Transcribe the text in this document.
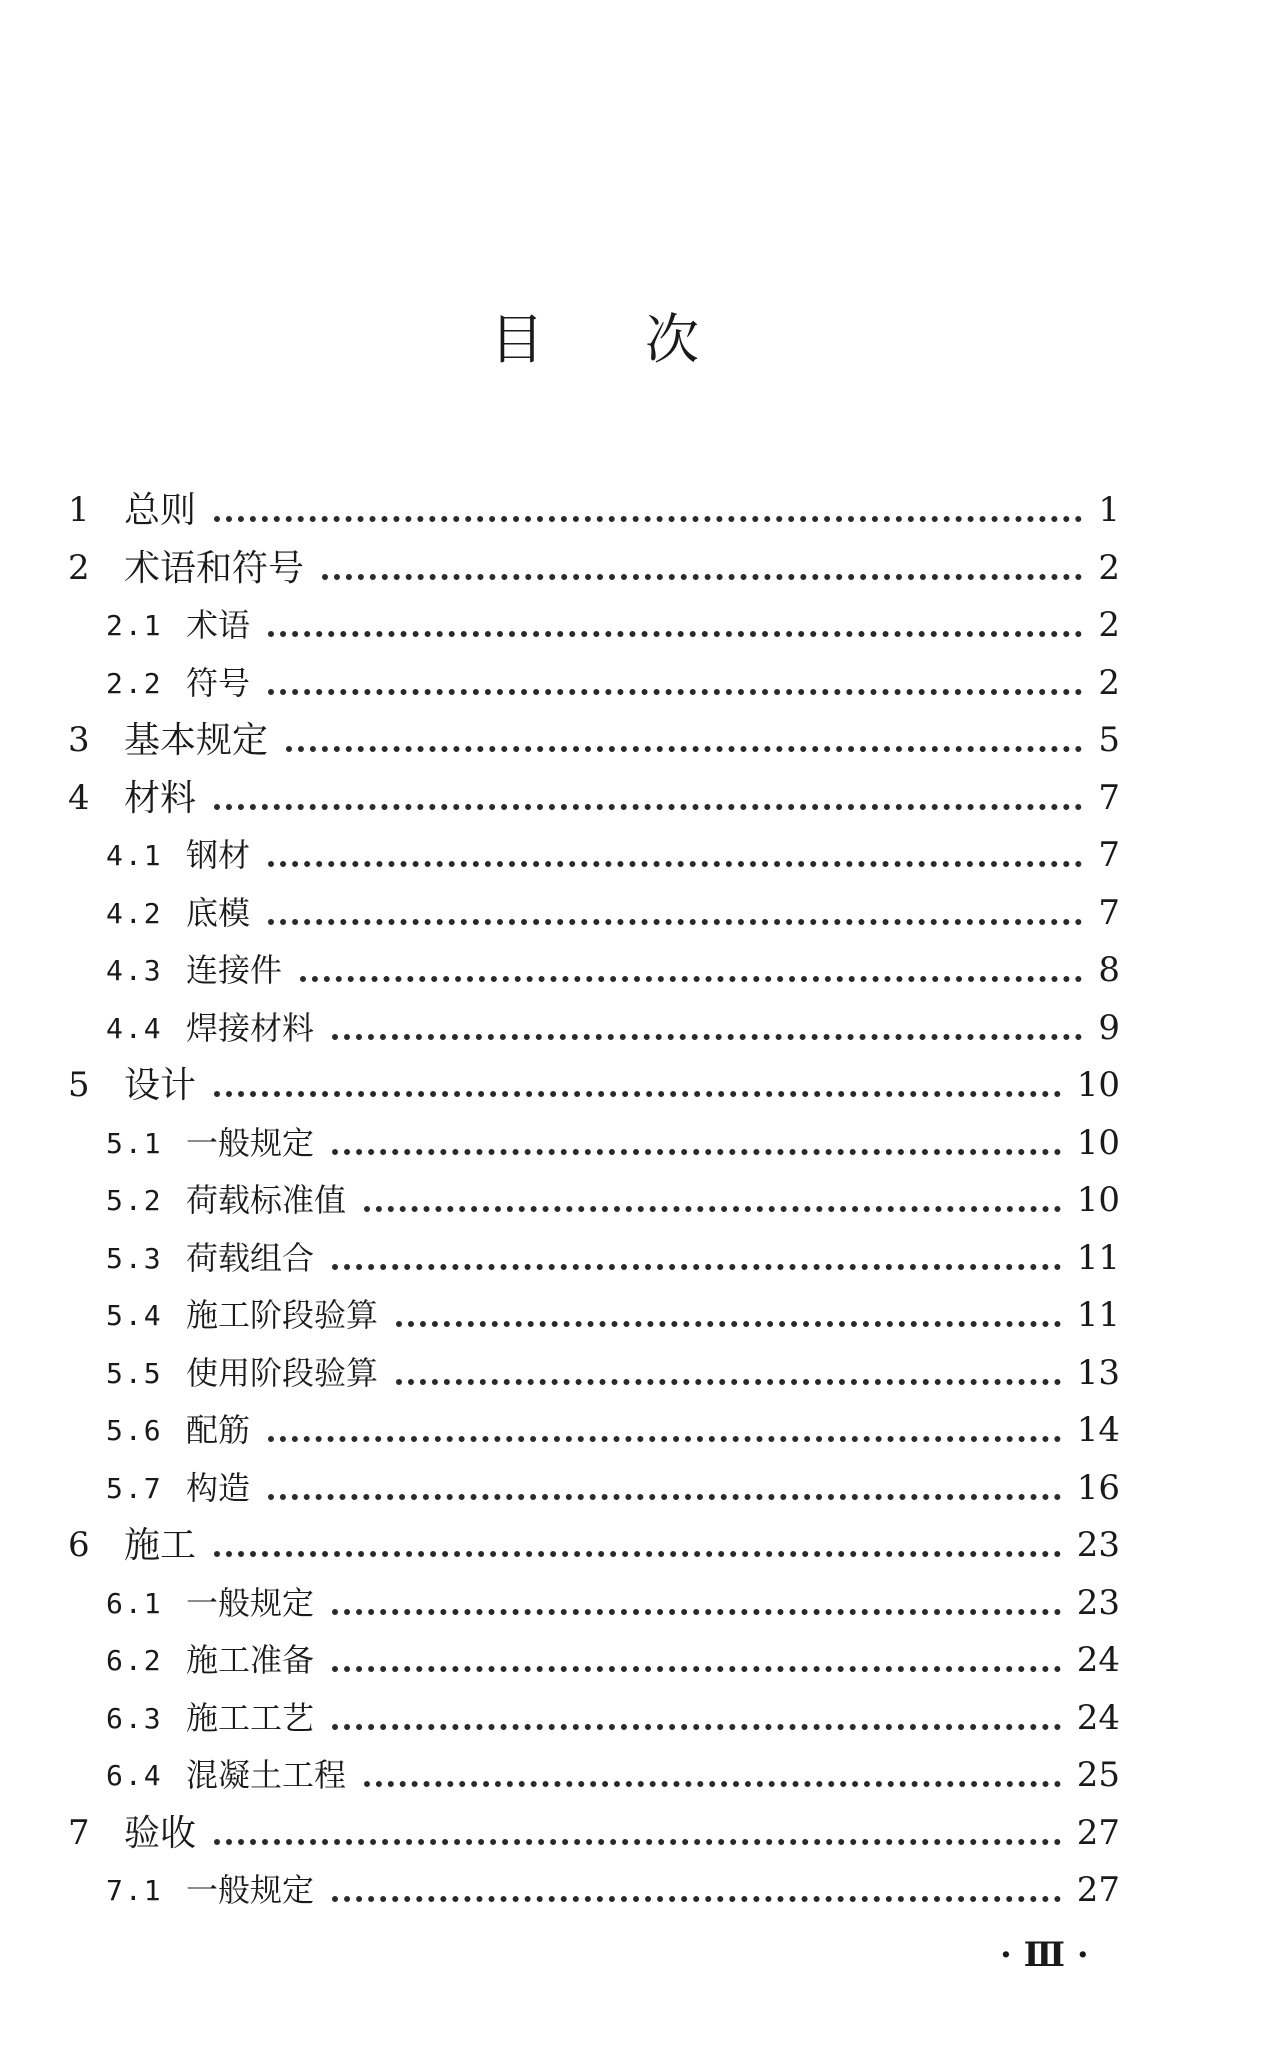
目 次
1 总则	1
2 术语和符号	2
2.1 术语	2
2.2 符号	2
3 基本规定	5
4 材料	7
4.1 钢材	7
4.2 底模	7
4.3 连接件	8
4.4 焊接材料	9
5 设计	10
5.1 一般规定	10
5.2 荷载标准值	10
5.3 荷载组合	11
5.4 施工阶段验算	11
5.5 使用阶段验算	13
5.6 配筋	14
5.7 构造	16
6 施工	23
6.1 一般规定	23
6.2 施工准备	24
6.3 施工工艺	24
6.4 混凝土工程	25
7 验收	27
7.1 一般规定	27
· Ⅲ ·
